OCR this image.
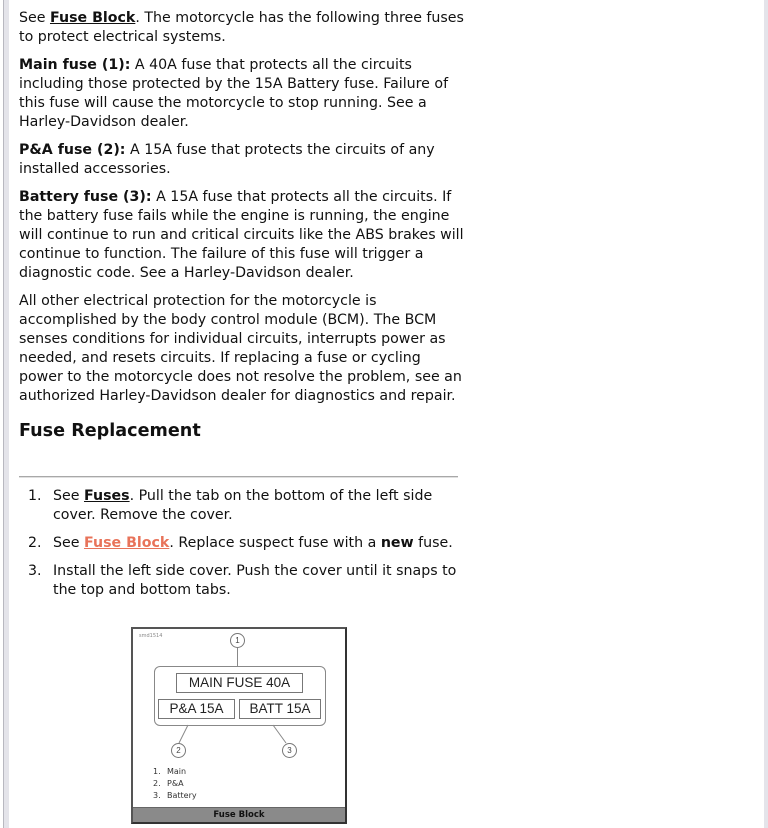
See Fuse Block. The motorcycle has the following three fuses to protect electrical systems.

Main fuse (1): A 40A fuse that protects all the circuits including those protected by the 15A Battery fuse. Failure of this fuse will cause the motorcycle to stop running. See a Harley-Davidson dealer.

P&A fuse (2): A 15A fuse that protects the circuits of any installed accessories.

Battery fuse (3): A 15A fuse that protects all the circuits. If the battery fuse fails while the engine is running, the engine will continue to run and critical circuits like the ABS brakes will continue to function. The failure of this fuse will trigger a diagnostic code. See a Harley-Davidson dealer.

All other electrical protection for the motorcycle is accomplished by the body control module (BCM). The BCM senses conditions for individual circuits, interrupts power as needed, and resets circuits. If replacing a fuse or cycling power to the motorcycle does not resolve the problem, see an authorized Harley-Davidson dealer for diagnostics and repair.

Fuse Replacement
1. See Fuses. Pull the tab on the bottom of the left side cover. Remove the cover.
2. See Fuse Block. Replace suspect fuse with a new fuse.
3. Install the left side cover. Push the cover until it snaps to the top and bottom tabs.
smd1514	1
MAIN FUSE 40A
P&A 15A	BATT 15A
2	3
1. Main
2. P&A
3. Battery
Fuse Block
